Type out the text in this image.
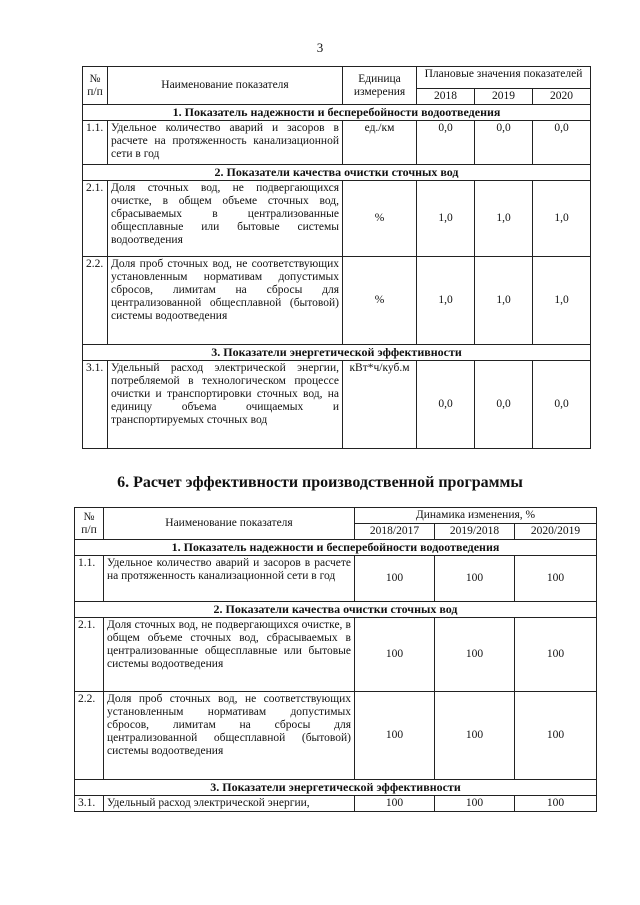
3
№ п/п	Наименование показателя	Единица измерения	Плановые значения показателей		
			2018	2019	2020
1. Показатель надежности и бесперебойности водоотведения					
1.1.	Удельное количество аварий и засоров в расчете на протяженность канализационной сети в год	ед./км	0,0	0,0	0,0
2. Показатели качества очистки сточных вод					
2.1.	Доля сточных вод, не подвергающихся очистке, в общем объеме сточных вод, сбрасываемых в централизованные общесплавные или бытовые системы водоотведения	%	1,0	1,0	1,0
2.2.	Доля проб сточных вод, не соответствующих установленным нормативам допустимых сбросов, лимитам на сбросы для централизованной общесплавной (бытовой) системы водоотведения	%	1,0	1,0	1,0
3. Показатели энергетической эффективности					
3.1.	Удельный расход электрической энергии, потребляемой в технологическом процессе очистки и транспортировки сточных вод, на единицу объема очищаемых и транспортируемых сточных вод	кВт*ч/куб.м	0,0	0,0	0,0
6. Расчет эффективности производственной программы
№ п/п	Наименование показателя	Динамика изменения, %		
		2018/2017	2019/2018	2020/2019
1. Показатель надежности и бесперебойности водоотведения				
1.1.	Удельное количество аварий и засоров в расчете на протяженность канализационной сети в год	100	100	100
2. Показатели качества очистки сточных вод				
2.1.	Доля сточных вод, не подвергающихся очистке, в общем объеме сточных вод, сбрасываемых в централизованные общесплавные или бытовые системы водоотведения	100	100	100
2.2.	Доля проб сточных вод, не соответствующих установленным нормативам допустимых сбросов, лимитам на сбросы для централизованной общесплавной (бытовой) системы водоотведения	100	100	100
3. Показатели энергетической эффективности				
3.1.	Удельный расход электрической энергии,	100	100	100
